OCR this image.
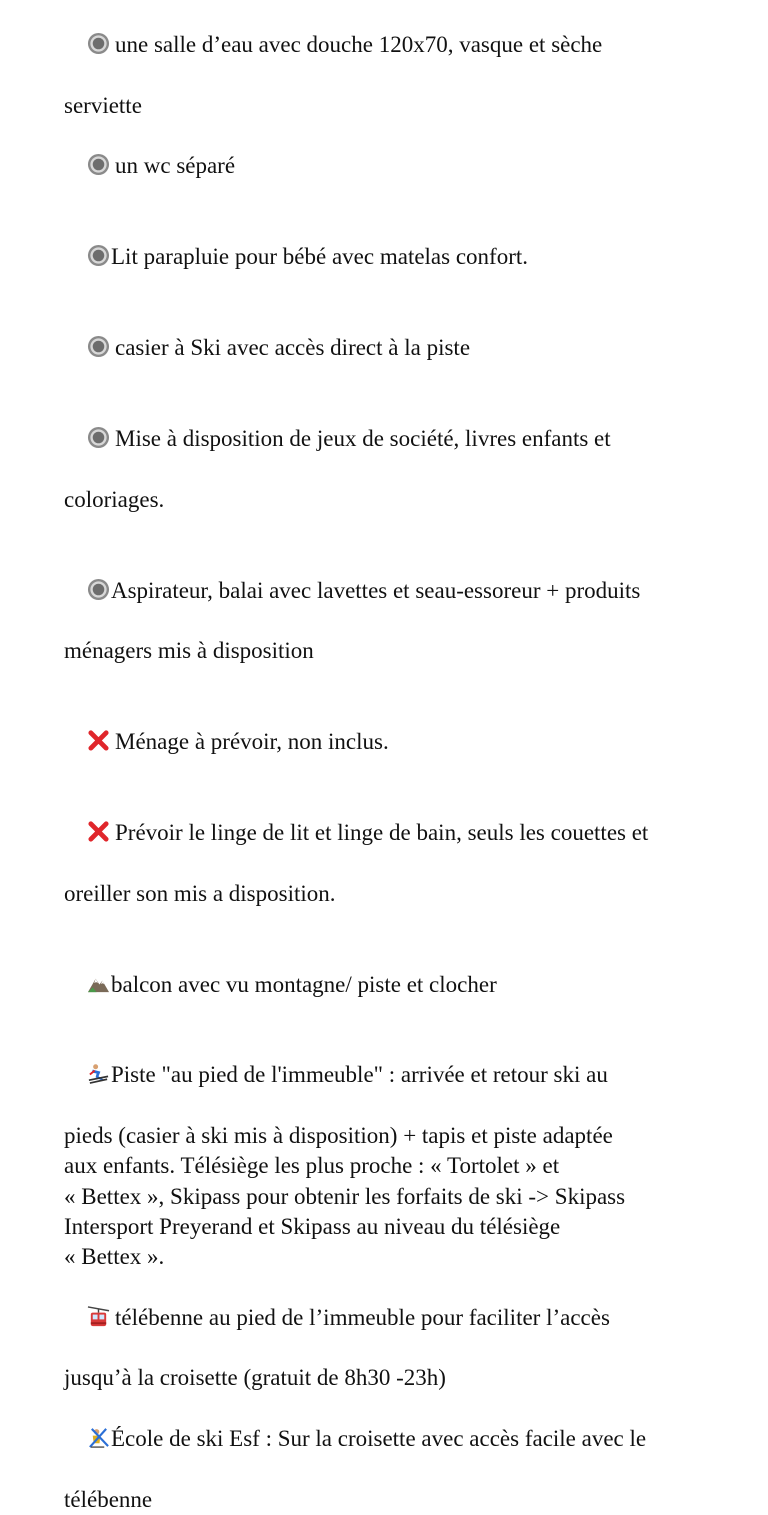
une salle d’eau avec douche 120x70, vasque et sèche

serviette

un wc séparé

Lit parapluie pour bébé avec matelas confort.

casier à Ski avec accès direct à la piste

Mise à disposition de jeux de société, livres enfants et

coloriages.

Aspirateur, balai avec lavettes et seau-essoreur + produits

ménagers mis à disposition

Ménage à prévoir, non inclus.

Prévoir le linge de lit et linge de bain, seuls les couettes et

oreiller son mis a disposition.

balcon avec vu montagne/ piste et clocher

Piste "au pied de l'immeuble" : arrivée et retour ski au

pieds (casier à ski mis à disposition) + tapis et piste adaptée
aux enfants. Télésiège les plus proche : « Tortolet » et
« Bettex », Skipass pour obtenir les forfaits de ski -> Skipass
Intersport Preyerand et Skipass au niveau du télésiège
« Bettex ».

télébenne au pied de l’immeuble pour faciliter l’accès

jusqu’à la croisette (gratuit de 8h30 -23h)

École de ski Esf : Sur la croisette avec accès facile avec le

télébenne
